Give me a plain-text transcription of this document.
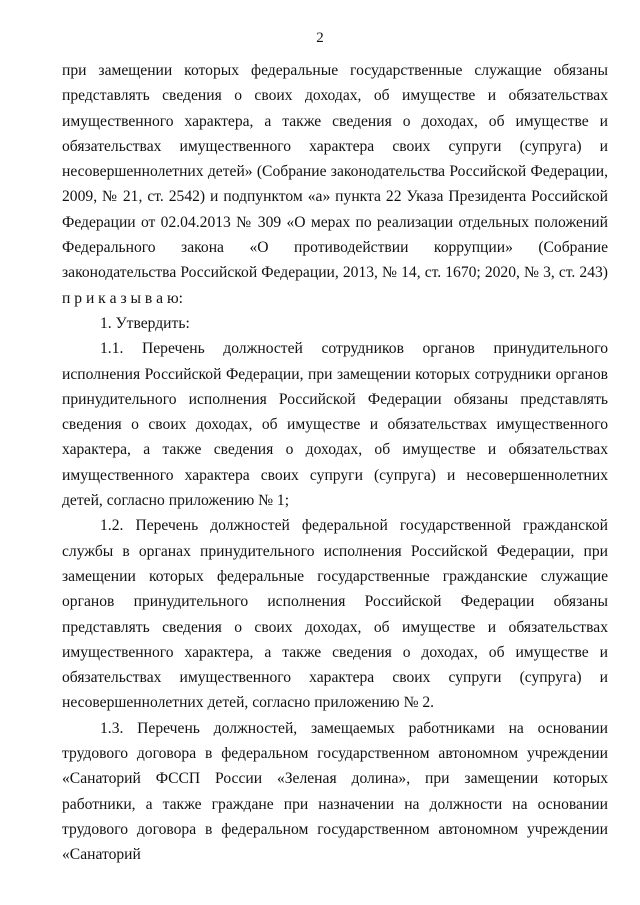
2

при замещении которых федеральные государственные служащие обязаны представлять сведения о своих доходах, об имуществе и обязательствах имущественного характера, а также сведения о доходах, об имуществе и обязательствах имущественного характера своих супруги (супруга) и несовершеннолетних детей» (Собрание законодательства Российской Федерации, 2009, № 21, ст. 2542) и подпунктом «а» пункта 22 Указа Президента Российской Федерации от 02.04.2013 № 309 «О мерах по реализации отдельных положений Федерального закона «О противодействии коррупции» (Собрание законодательства Российской Федерации, 2013, № 14, ст. 1670; 2020, № 3, ст. 243) п р и к а з ы в а ю:

1. Утвердить:

1.1. Перечень должностей сотрудников органов принудительного исполнения Российской Федерации, при замещении которых сотрудники органов принудительного исполнения Российской Федерации обязаны представлять сведения о своих доходах, об имуществе и обязательствах имущественного характера, а также сведения о доходах, об имуществе и обязательствах имущественного характера своих супруги (супруга) и несовершеннолетних детей, согласно приложению № 1;

1.2. Перечень должностей федеральной государственной гражданской службы в органах принудительного исполнения Российской Федерации, при замещении которых федеральные государственные гражданские служащие органов принудительного исполнения Российской Федерации обязаны представлять сведения о своих доходах, об имуществе и обязательствах имущественного характера, а также сведения о доходах, об имуществе и обязательствах имущественного характера своих супруги (супруга) и несовершеннолетних детей, согласно приложению № 2.

1.3. Перечень должностей, замещаемых работниками на основании трудового договора в федеральном государственном автономном учреждении «Санаторий ФССП России «Зеленая долина», при замещении которых работники, а также граждане при назначении на должности на основании трудового договора в федеральном государственном автономном учреждении «Санаторий
